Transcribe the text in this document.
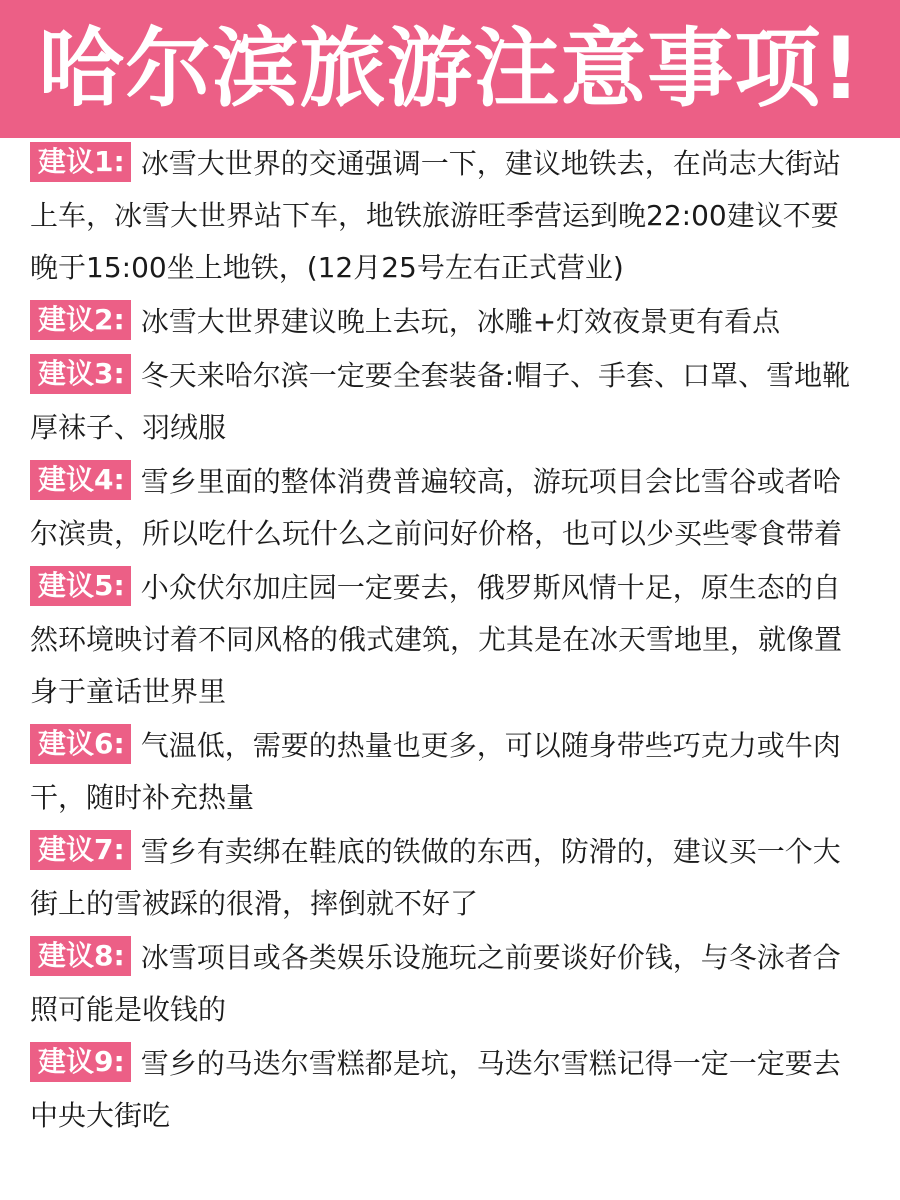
哈尔滨旅游注意事项!

建议1: 冰雪大世界的交通强调一下，建议地铁去，在尚志大街站上车，冰雪大世界站下车，地铁旅游旺季营运到晚22:00建议不要晚于15:00坐上地铁，(12月25号左右正式营业)

建议2: 冰雪大世界建议晚上去玩，冰雕+灯效夜景更有看点

建议3: 冬天来哈尔滨一定要全套装备:帽子、手套、口罩、雪地靴厚袜子、羽绒服

建议4: 雪乡里面的整体消费普遍较高，游玩项目会比雪谷或者哈尔滨贵，所以吃什么玩什么之前问好价格，也可以少买些零食带着

建议5: 小众伏尔加庄园一定要去，俄罗斯风情十足，原生态的自然环境映讨着不同风格的俄式建筑，尤其是在冰天雪地里，就像置身于童话世界里

建议6: 气温低，需要的热量也更多，可以随身带些巧克力或牛肉干，随时补充热量

建议7: 雪乡有卖绑在鞋底的铁做的东西，防滑的，建议买一个大街上的雪被踩的很滑，摔倒就不好了

建议8: 冰雪项目或各类娱乐设施玩之前要谈好价钱，与冬泳者合照可能是收钱的

建议9: 雪乡的马迭尔雪糕都是坑，马迭尔雪糕记得一定一定要去中央大街吃
